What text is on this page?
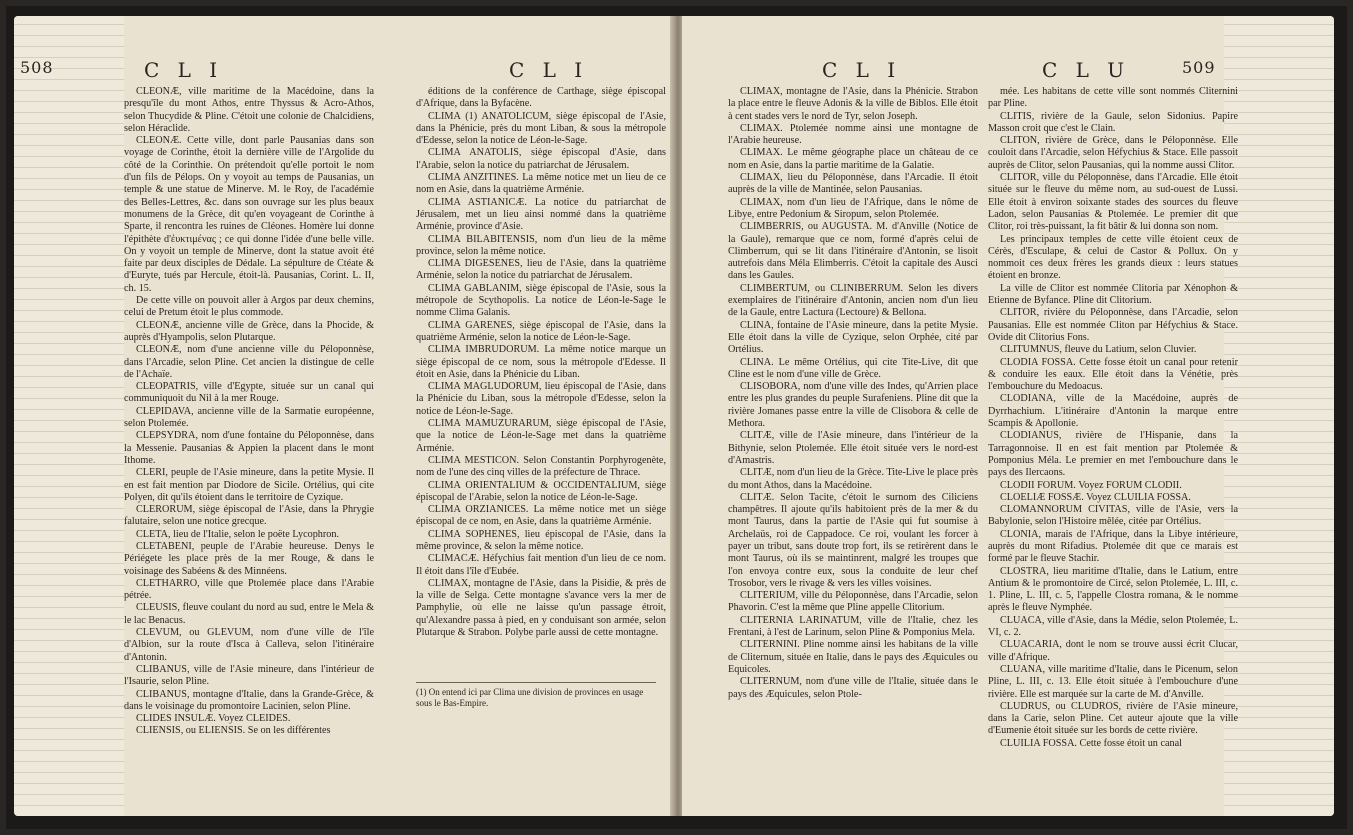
508	C L I	C L I

CLEONÆ, ville maritime de la Macédoine, dans la presqu'île du mont Athos, entre Thyssus & Acro-Athos, selon Thucydide & Pline. C'étoit une colonie de Chalcidiens, selon Héraclide.

CLEONÆ. Cette ville, dont parle Pausanias dans son voyage de Corinthe, étoit la dernière ville de l'Argolide du côté de la Corinthie. On prétendoit qu'elle portoit le nom d'un fils de Pélops. On y voyoit au temps de Pausanias, un temple & une statue de Minerve. M. le Roy, de l'académie des Belles-Lettres, &c. dans son ouvrage sur les plus beaux monumens de la Grèce, dit qu'en voyageant de Corinthe à Sparte, il rencontra les ruines de Cléones. Homère lui donne l'épithète d'ἐυκτιμένας ; ce qui donne l'idée d'une belle ville. On y voyoit un temple de Minerve, dont la statue avoit été faite par deux disciples de Dédale. La sépulture de Ctéate & d'Euryte, tués par Hercule, étoit-là. Pausanias, Corint. L. II, ch. 15.

De cette ville on pouvoit aller à Argos par deux chemins, celui de Pretum étoit le plus commode.

CLEONÆ, ancienne ville de Grèce, dans la Phocide, & auprès d'Hyampolis, selon Plutarque.

CLEONÆ, nom d'une ancienne ville du Péloponnèse, dans l'Arcadie, selon Pline. Cet ancien la distingue de celle de l'Achaïe.

CLEOPATRIS, ville d'Egypte, située sur un canal qui communiquoit du Nil à la mer Rouge.

CLEPIDAVA, ancienne ville de la Sarmatie européenne, selon Ptolemée.

CLEPSYDRA, nom d'une fontaine du Péloponnèse, dans la Messenie. Pausanias & Appien la placent dans le mont Ithome.

CLERI, peuple de l'Asie mineure, dans la petite Mysie. Il en est fait mention par Diodore de Sicile. Ortélius, qui cite Polyen, dit qu'ils étoient dans le territoire de Cyzique.

CLERORUM, siège épiscopal de l'Asie, dans la Phrygie falutaire, selon une notice grecque.

CLETA, lieu de l'Italie, selon le poëte Lycophron.

CLETABENI, peuple de l'Arabie heureuse. Denys le Périégete les place près de la mer Rouge, & dans le voisinage des Sabéens & des Minnéens.

CLETHARRO, ville que Ptolemée place dans l'Arabie pétrée.

CLEUSIS, fleuve coulant du nord au sud, entre le Mela & le lac Benacus.

CLEVUM, ou GLEVUM, nom d'une ville de l'île d'Albion, sur la route d'Isca à Calleva, selon l'itinéraire d'Antonin.

CLIBANUS, ville de l'Asie mineure, dans l'intérieur de l'Isaurie, selon Pline.

CLIBANUS, montagne d'Italie, dans la Grande-Grèce, & dans le voisinage du promontoire Lacinien, selon Pline.

CLIDES INSULÆ. Voyez CLEIDES.

CLIENSIS, ou ELIENSIS. Se on les différentes

éditions de la conférence de Carthage, siège épiscopal d'Afrique, dans la Byfacène.

CLIMA (1) ANATOLICUM, siège épiscopal de l'Asie, dans la Phénicie, près du mont Liban, & sous la métropole d'Edesse, selon la notice de Léon-le-Sage.

CLIMA ANATOLIS, siège épiscopal d'Asie, dans l'Arabie, selon la notice du patriarchat de Jérusalem.

CLIMA ANZITINES. La même notice met un lieu de ce nom en Asie, dans la quatrième Arménie.

CLIMA ASTIANICÆ. La notice du patriarchat de Jérusalem, met un lieu ainsi nommé dans la quatrième Arménie, province d'Asie.

CLIMA BILABITENSIS, nom d'un lieu de la même province, selon la même notice.

CLIMA DIGESENES, lieu de l'Asie, dans la quatrième Arménie, selon la notice du patriarchat de Jérusalem.

CLIMA GABLANIM, siège épiscopal de l'Asie, sous la métropole de Scythopolis. La notice de Léon-le-Sage le nomme Clima Galanis.

CLIMA GARENES, siège épiscopal de l'Asie, dans la quatrième Arménie, selon la notice de Léon-le-Sage.

CLIMA IMBRUDORUM. La même notice marque un siège épiscopal de ce nom, sous la métropole d'Edesse. Il étoit en Asie, dans la Phénicie du Liban.

CLIMA MAGLUDORUM, lieu épiscopal de l'Asie, dans la Phénicie du Liban, sous la métropole d'Edesse, selon la notice de Léon-le-Sage.

CLIMA MAMUZURARUM, siège épiscopal de l'Asie, que la notice de Léon-le-Sage met dans la quatrième Arménie.

CLIMA MESTICON. Selon Constantin Porphyrogenète, nom de l'une des cinq villes de la préfecture de Thrace.

CLIMA ORIENTALIUM & OCCIDENTALIUM, siège épiscopal de l'Arabie, selon la notice de Léon-le-Sage.

CLIMA ORZIANICES. La même notice met un siège épiscopal de ce nom, en Asie, dans la quatrième Arménie.

CLIMA SOPHENES, lieu épiscopal de l'Asie, dans la même province, & selon la même notice.

CLIMACÆ. Héfychius fait mention d'un lieu de ce nom. Il étoit dans l'île d'Eubée.

CLIMAX, montagne de l'Asie, dans la Pisidie, & près de la ville de Selga. Cette montagne s'avance vers la mer de Pamphylie, où elle ne laisse qu'un passage étroit, qu'Alexandre passa à pied, en y conduisant son armée, selon Plutarque & Strabon. Polybe parle aussi de cette montagne.

(1) On entend ici par Clima une division de provinces en usage sous le Bas-Empire.
C L I	C L U	509

CLIMAX, montagne de l'Asie, dans la Phénicie. Strabon la place entre le fleuve Adonis & la ville de Biblos. Elle étoit à cent stades vers le nord de Tyr, selon Joseph.

CLIMAX. Ptolemée nomme ainsi une montagne de l'Arabie heureuse.

CLIMAX. Le même géographe place un château de ce nom en Asie, dans la partie maritime de la Galatie.

CLIMAX, lieu du Péloponnèse, dans l'Arcadie. Il étoit auprès de la ville de Mantinée, selon Pausanias.

CLIMAX, nom d'un lieu de l'Afrique, dans le nôme de Libye, entre Pedonium & Siropum, selon Ptolemée.

CLIMBERRIS, ou AUGUSTA. M. d'Anville (Notice de la Gaule), remarque que ce nom, formé d'après celui de Climberrum, qui se lit dans l'itinéraire d'Antonin, se lisoit autrefois dans Méla Elimberris. C'étoit la capitale des Ausci dans les Gaules.

CLIMBERTUM, ou CLINIBERRUM. Selon les divers exemplaires de l'itinéraire d'Antonin, ancien nom d'un lieu de la Gaule, entre Lactura (Lectoure) & Bellona.

CLINA, fontaine de l'Asie mineure, dans la petite Mysie. Elle étoit dans la ville de Cyzique, selon Orphée, cité par Ortélius.

CLINA. Le même Ortélius, qui cite Tite-Live, dit que Cline est le nom d'une ville de Grèce.

CLISOBORA, nom d'une ville des Indes, qu'Arrien place entre les plus grandes du peuple Surafeniens. Pline dit que la rivière Jomanes passe entre la ville de Clisobora & celle de Methora.

CLITÆ, ville de l'Asie mineure, dans l'intérieur de la Bithynie, selon Ptolemée. Elle étoit située vers le nord-est d'Amastris.

CLITÆ, nom d'un lieu de la Grèce. Tite-Live le place près du mont Athos, dans la Macédoine.

CLITÆ. Selon Tacite, c'étoit le surnom des Ciliciens champêtres. Il ajoute qu'ils habitoient près de la mer & du mont Taurus, dans la partie de l'Asie qui fut soumise à Archelaüs, roi de Cappadoce. Ce roi, voulant les forcer à payer un tribut, sans doute trop fort, ils se retirèrent dans le mont Taurus, où ils se maintinrent, malgré les troupes que l'on envoya contre eux, sous la conduite de leur chef Trosobor, vers le rivage & vers les villes voisines.

CLITERIUM, ville du Péloponnèse, dans l'Arcadie, selon Phavorin. C'est la même que Pline appelle Clitorium.

CLITERNIA LARINATUM, ville de l'Italie, chez les Frentani, à l'est de Larinum, selon Pline & Pomponius Mela.

CLITERNINI. Pline nomme ainsi les habitans de la ville de Cliternum, située en Italie, dans le pays des Æquicules ou Equicoles.

CLITERNUM, nom d'une ville de l'Italie, située dans le pays des Æquicules, selon Ptole-

mée. Les habitans de cette ville sont nommés Cliternini par Pline.

CLITIS, rivière de la Gaule, selon Sidonius. Papire Masson croit que c'est le Clain.

CLITON, rivière de Grèce, dans le Péloponnèse. Elle couloit dans l'Arcadie, selon Héfychius & Stace. Elle passoit auprès de Clitor, selon Pausanias, qui la nomme aussi Clitor.

CLITOR, ville du Péloponnèse, dans l'Arcadie. Elle étoit située sur le fleuve du même nom, au sud-ouest de Lussi. Elle étoit à environ soixante stades des sources du fleuve Ladon, selon Pausanias & Ptolemée. Le premier dit que Clitor, roi très-puissant, la fit bâtir & lui donna son nom.

Les principaux temples de cette ville étoient ceux de Cérès, d'Esculape, & celui de Castor & Pollux. On y nommoit ces deux frères les grands dieux : leurs statues étoient en bronze.

La ville de Clitor est nommée Clitoria par Xénophon & Etienne de Byfance. Pline dit Clitorium.

CLITOR, rivière du Péloponnèse, dans l'Arcadie, selon Pausanias. Elle est nommée Cliton par Héfychius & Stace. Ovide dit Clitorius Fons.

CLITUMNUS, fleuve du Latium, selon Cluvier.

CLODIA FOSSA. Cette fosse étoit un canal pour retenir & conduire les eaux. Elle étoit dans la Vénétie, près l'embouchure du Medoacus.

CLODIANA, ville de la Macédoine, auprès de Dyrrhachium. L'itinéraire d'Antonin la marque entre Scampis & Apollonie.

CLODIANUS, rivière de l'Hispanie, dans la Tarragonnoise. Il en est fait mention par Ptolemée & Pomponius Méla. Le premier en met l'embouchure dans le pays des Ilercaons.

CLODII FORUM. Voyez FORUM CLODII.

CLOELIÆ FOSSÆ. Voyez CLUILIA FOSSA.

CLOMANNORUM CIVITAS, ville de l'Asie, vers la Babylonie, selon l'Histoire mêlée, citée par Ortélius.

CLONIA, marais de l'Afrique, dans la Libye intérieure, auprès du mont Rifadius. Ptolemée dit que ce marais est formé par le fleuve Stachir.

CLOSTRA, lieu maritime d'Italie, dans le Latium, entre Antium & le promontoire de Circé, selon Ptolemée, L. III, c. 1. Pline, L. III, c. 5, l'appelle Clostra romana, & le nomme après le fleuve Nymphée.

CLUACA, ville d'Asie, dans la Médie, selon Ptolemée, L. VI, c. 2.

CLUACARIA, dont le nom se trouve aussi écrit Clucar, ville d'Afrique.

CLUANA, ville maritime d'Italie, dans le Picenum, selon Pline, L. III, c. 13. Elle étoit située à l'embouchure d'une rivière. Elle est marquée sur la carte de M. d'Anville.

CLUDRUS, ou CLUDROS, rivière de l'Asie mineure, dans la Carie, selon Pline. Cet auteur ajoute que la ville d'Eumenie étoit située sur les bords de cette rivière.

CLUILIA FOSSA. Cette fosse étoit un canal
